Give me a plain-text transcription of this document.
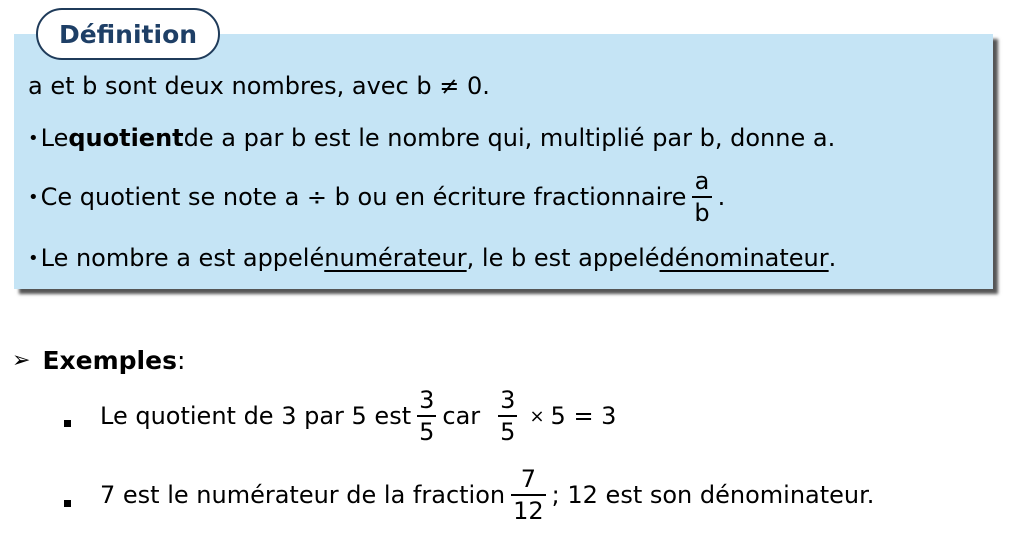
Définition
a et b sont deux nombres, avec b ≠ 0.
• Le quotient de a par b est le nombre qui, multiplié par b, donne a.
• Ce quotient se note a ÷ b ou en écriture fractionnaire $\frac{a}{b}$ .
• Le nombre a est appelé numérateur , le b est appelé dénominateur .
➢ Exemples :
Le quotient de 3 par 5 est $\frac{3}{5}$ car $\frac{3}{5} \times 5 = 3$
7 est le numérateur de la fraction $\frac{7}{12}$ ; 12 est son dénominateur.
